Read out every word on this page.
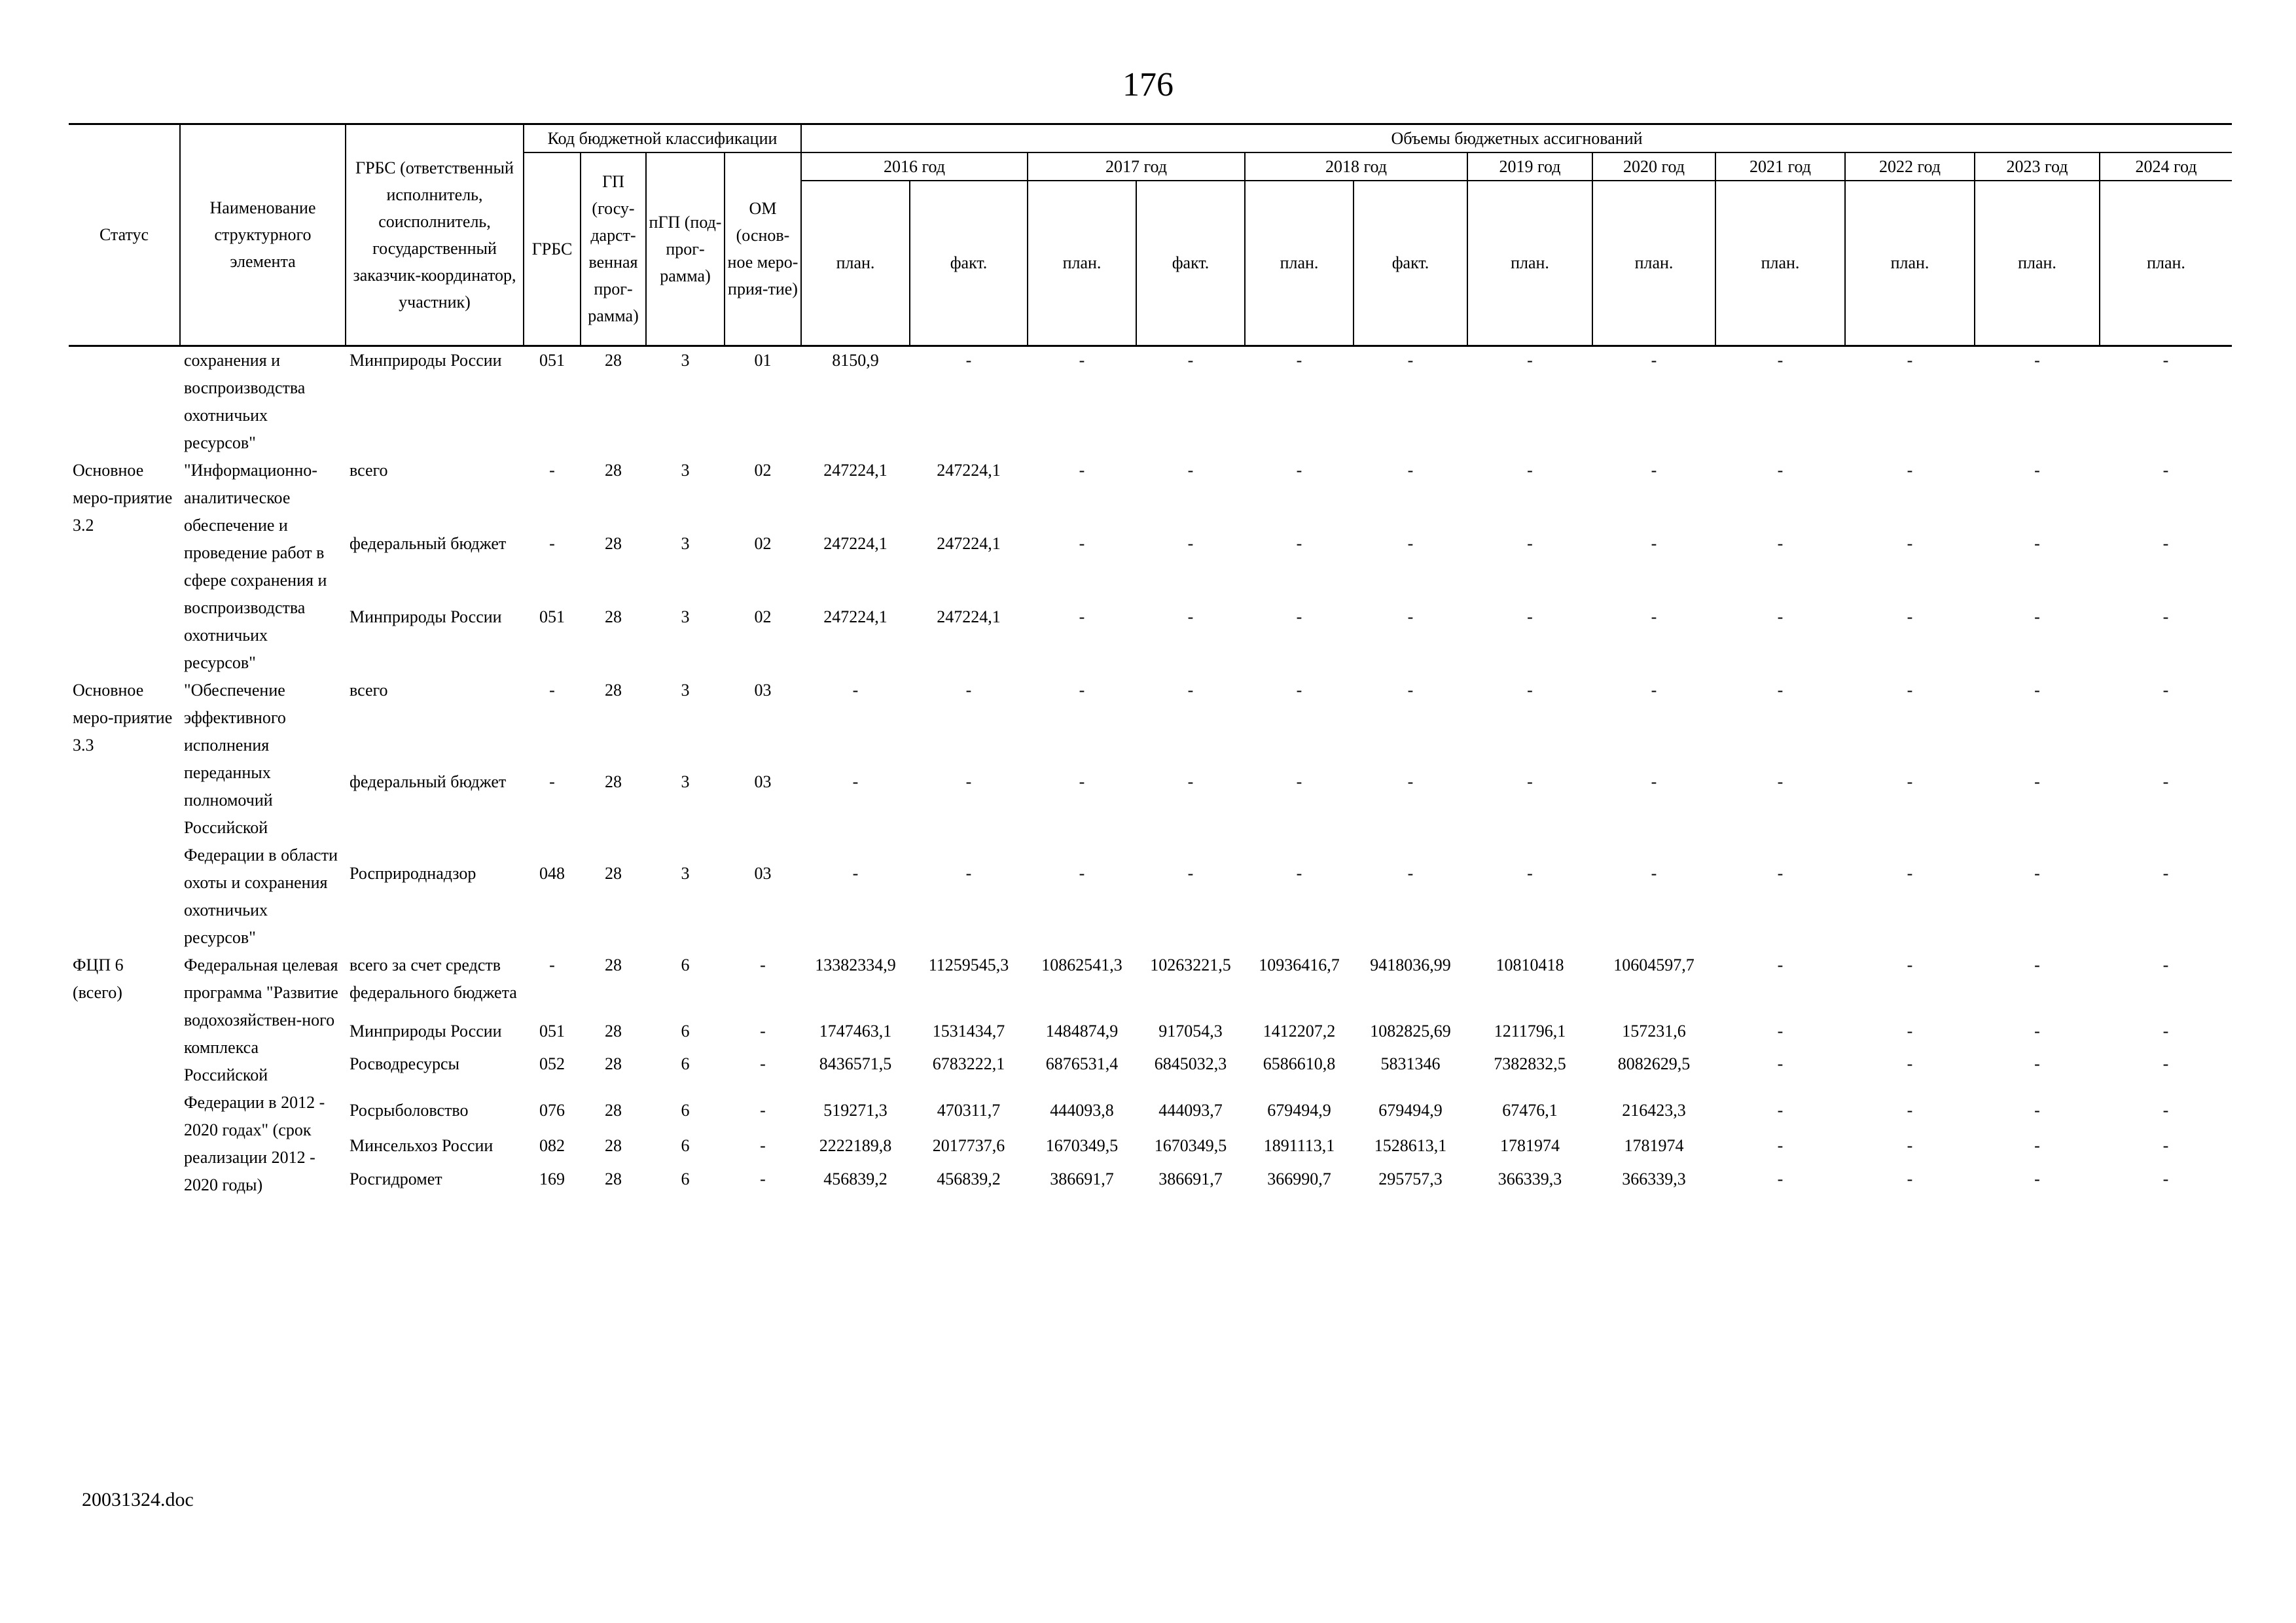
176
Статус	Наименование структурного элемента	ГРБС (ответственный исполнитель, соисполнитель, государственный заказчик-координатор, участник)	Код бюджетной классификации				Объемы бюджетных ассигнований											
			ГРБС	ГП (госу-дарст-венная прог-рамма)	пГП (под-прог-рамма)	ОМ (основ-ное меро-прия-тие)	2016 год		2017 год		2018 год		2019 год	2020 год	2021 год	2022 год	2023 год	2024 год
							план.	факт.	план.	факт.	план.	факт.	план.	план.	план.	план.	план.	план.
	сохранения и воспроизводства охотничьих ресурсов"	Минприроды России	051	28	3	01	8150,9	-	-	-	-	-	-	-	-	-	-	-
Основное меро-приятие 3.2	"Информационно-аналитическое обеспечение и проведение работ в сфере сохранения и воспроизводства охотничьих ресурсов"	всего	-	28	3	02	247224,1	247224,1	-	-	-	-	-	-	-	-	-	-
		федеральный бюджет	-	28	3	02	247224,1	247224,1	-	-	-	-	-	-	-	-	-	-
		Минприроды России	051	28	3	02	247224,1	247224,1	-	-	-	-	-	-	-	-	-	-
Основное меро-приятие 3.3	"Обеспечение эффективного исполнения переданных полномочий Российской Федерации в области охоты и сохранения охотничьих ресурсов"	всего	-	28	3	03	-	-	-	-	-	-	-	-	-	-	-	-
		федеральный бюджет	-	28	3	03	-	-	-	-	-	-	-	-	-	-	-	-
		Росприроднадзор	048	28	3	03	-	-	-	-	-	-	-	-	-	-	-	-
ФЦП 6 (всего)	Федеральная целевая программа "Развитие водохозяйствен-ного комплекса Российской Федерации в 2012 - 2020 годах" (срок реализации 2012 - 2020 годы)	всего за счет средств федерального бюджета	-	28	6	-	13382334,9	11259545,3	10862541,3	10263221,5	10936416,7	9418036,99	10810418	10604597,7	-	-	-	-
		Минприроды России	051	28	6	-	1747463,1	1531434,7	1484874,9	917054,3	1412207,2	1082825,69	1211796,1	157231,6	-	-	-	-
		Росводресурсы	052	28	6	-	8436571,5	6783222,1	6876531,4	6845032,3	6586610,8	5831346	7382832,5	8082629,5	-	-	-	-
		Росрыболовство	076	28	6	-	519271,3	470311,7	444093,8	444093,7	679494,9	679494,9	67476,1	216423,3	-	-	-	-
		Минсельхоз России	082	28	6	-	2222189,8	2017737,6	1670349,5	1670349,5	1891113,1	1528613,1	1781974	1781974	-	-	-	-
		Росгидромет	169	28	6	-	456839,2	456839,2	386691,7	386691,7	366990,7	295757,3	366339,3	366339,3	-	-	-	-
20031324.doc
